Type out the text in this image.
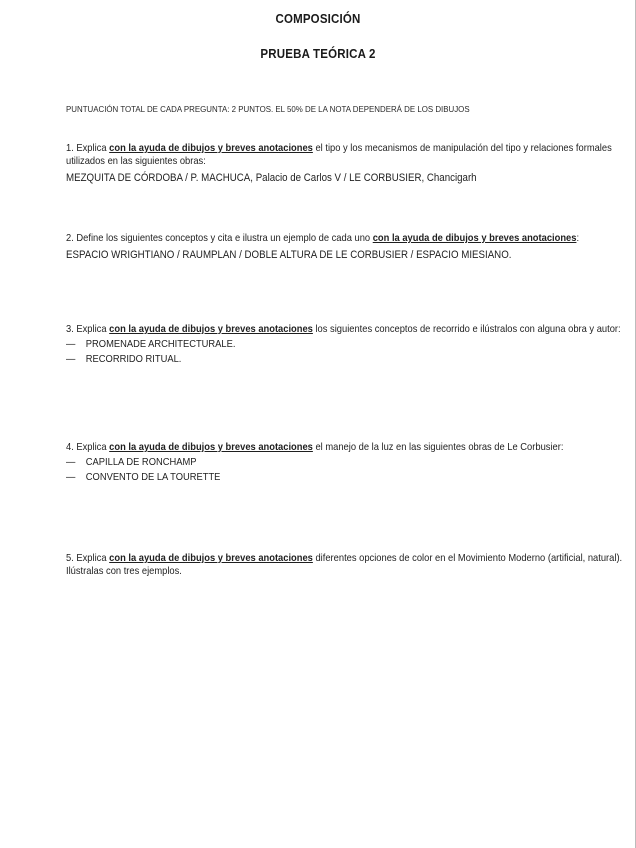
COMPOSICIÓN
PRUEBA TEÓRICA 2
PUNTUACIÓN TOTAL DE CADA PREGUNTA: 2 PUNTOS. EL 50% DE LA NOTA DEPENDERÁ DE LOS DIBUJOS
1. Explica con la ayuda de dibujos y breves anotaciones el tipo y los mecanismos de manipulación del tipo y relaciones formales utilizados en las siguientes obras:
MEZQUITA DE CÓRDOBA / P. MACHUCA, Palacio de Carlos V / LE CORBUSIER, Chancigarh
2. Define los siguientes conceptos y cita e ilustra un ejemplo de cada uno con la ayuda de dibujos y breves anotaciones:
ESPACIO WRIGHTIANO / RAUMPLAN / DOBLE ALTURA DE LE CORBUSIER / ESPACIO MIESIANO.
3. Explica con la ayuda de dibujos y breves anotaciones los siguientes conceptos de recorrido e ilústralos con alguna obra y autor:
— PROMENADE ARCHITECTURALE.
— RECORRIDO RITUAL.
4. Explica con la ayuda de dibujos y breves anotaciones el manejo de la luz en las siguientes obras de Le Corbusier:
— CAPILLA DE RONCHAMP
— CONVENTO DE LA TOURETTE
5. Explica con la ayuda de dibujos y breves anotaciones diferentes opciones de color en el Movimiento Moderno (artificial, natural). Ilústralas con tres ejemplos.
